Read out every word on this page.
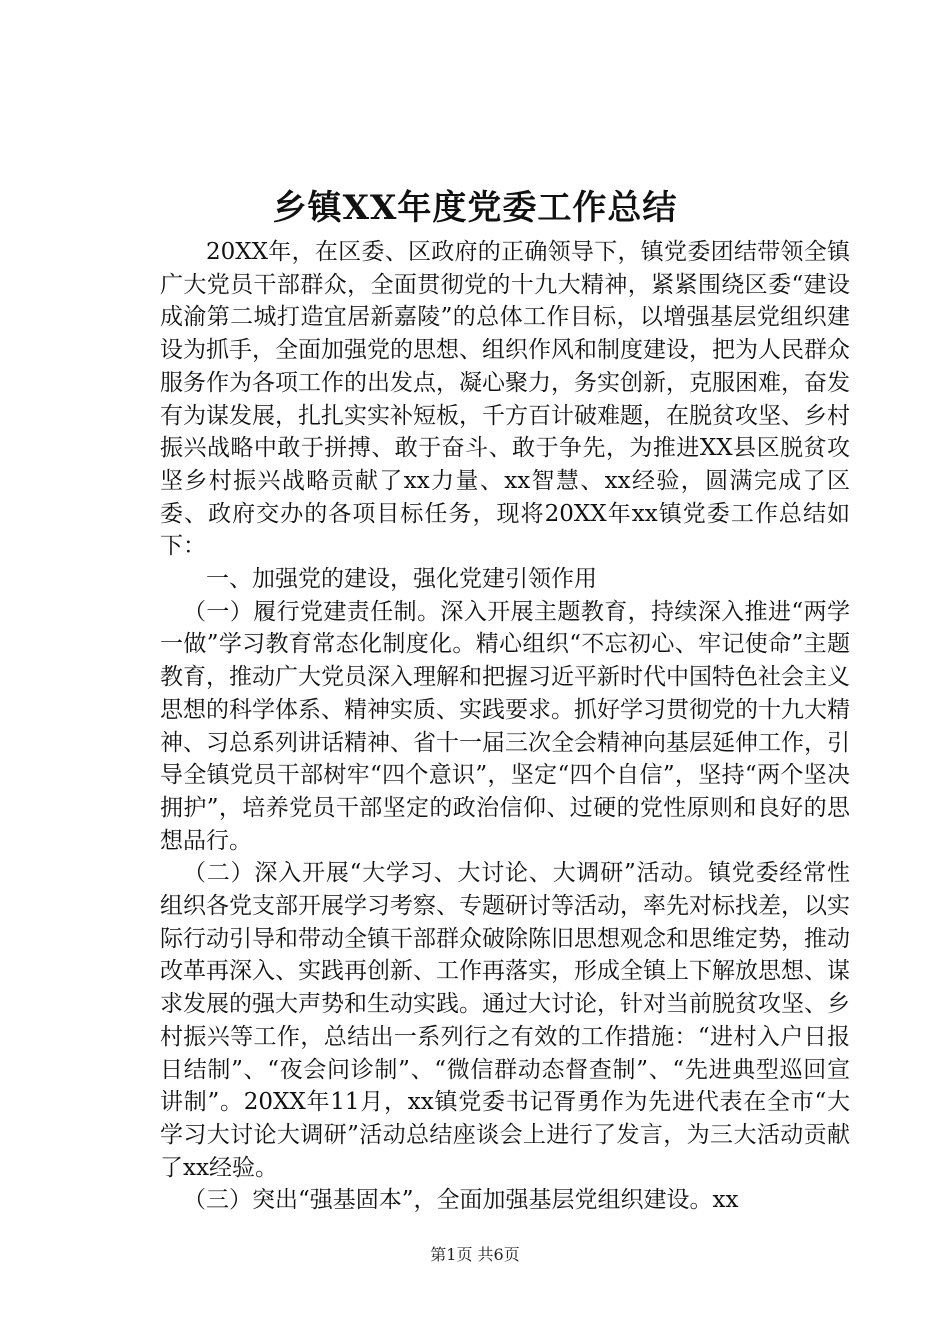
乡镇XX年度党委工作总结

20XX年，在区委、区政府的正确领导下，镇党委团结带领全镇广大党员干部群众，全面贯彻党的十九大精神，紧紧围绕区委“建设成渝第二城打造宜居新嘉陵”的总体工作目标，以增强基层党组织建设为抓手，全面加强党的思想、组织作风和制度建设，把为人民群众服务作为各项工作的出发点，凝心聚力，务实创新，克服困难，奋发有为谋发展，扎扎实实补短板，千方百计破难题，在脱贫攻坚、乡村振兴战略中敢于拼搏、敢于奋斗、敢于争先，为推进XX县区脱贫攻坚乡村振兴战略贡献了xx力量、xx智慧、xx经验，圆满完成了区委、政府交办的各项目标任务，现将20XX年xx镇党委工作总结如下：

一、加强党的建设，强化党建引领作用

（一）履行党建责任制。深入开展主题教育，持续深入推进“两学一做”学习教育常态化制度化。精心组织“不忘初心、牢记使命”主题教育，推动广大党员深入理解和把握习近平新时代中国特色社会主义思想的科学体系、精神实质、实践要求。抓好学习贯彻党的十九大精神、习总系列讲话精神、省十一届三次全会精神向基层延伸工作，引导全镇党员干部树牢“四个意识”，坚定“四个自信”，坚持“两个坚决拥护”，培养党员干部坚定的政治信仰、过硬的党性原则和良好的思想品行。

（二）深入开展“大学习、大讨论、大调研”活动。镇党委经常性组织各党支部开展学习考察、专题研讨等活动，率先对标找差，以实际行动引导和带动全镇干部群众破除陈旧思想观念和思维定势，推动改革再深入、实践再创新、工作再落实，形成全镇上下解放思想、谋求发展的强大声势和生动实践。通过大讨论，针对当前脱贫攻坚、乡村振兴等工作，总结出一系列行之有效的工作措施：“进村入户日报日结制”、“夜会问诊制”、“微信群动态督查制”、“先进典型巡回宣讲制”。20XX年11月，xx镇党委书记胥勇作为先进代表在全市“大学习大讨论大调研”活动总结座谈会上进行了发言，为三大活动贡献了xx经验。

（三）突出“强基固本”，全面加强基层党组织建设。xx

第1页 共6页
